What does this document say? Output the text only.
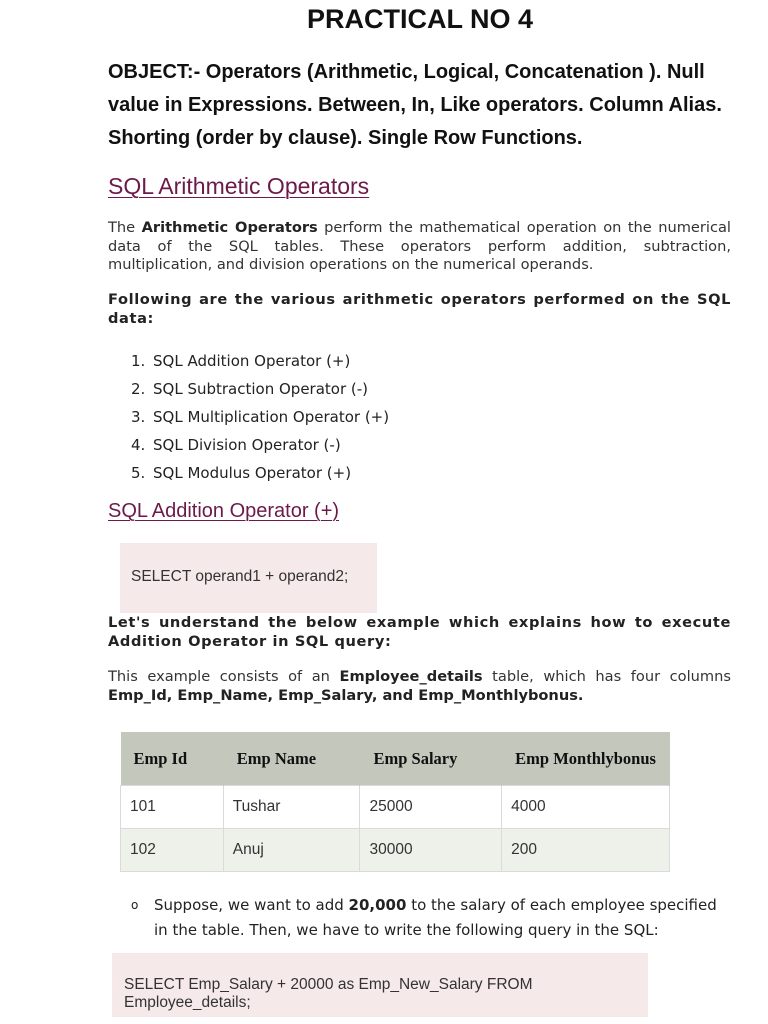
PRACTICAL NO 4
OBJECT:- Operators (Arithmetic, Logical, Concatenation ). Null value in Expressions. Between, In, Like operators. Column Alias. Shorting (order by clause). Single Row Functions.
SQL Arithmetic Operators
The Arithmetic Operators perform the mathematical operation on the numerical data of the SQL tables. These operators perform addition, subtraction, multiplication, and division operations on the numerical operands.
Following are the various arithmetic operators performed on the SQL data:
1. SQL Addition Operator (+)
2. SQL Subtraction Operator (-)
3. SQL Multiplication Operator (+)
4. SQL Division Operator (-)
5. SQL Modulus Operator (+)
SQL Addition Operator (+)
SELECT operand1 + operand2;
Let's understand the below example which explains how to execute Addition Operator in SQL query:
This example consists of an Employee_details table, which has four columns Emp_Id, Emp_Name, Emp_Salary, and Emp_Monthlybonus.
Emp Id	Emp Name	Emp Salary	Emp Monthlybonus
101	Tushar	25000	4000
102	Anuj	30000	200
o	Suppose, we want to add 20,000 to the salary of each employee specified in the table. Then, we have to write the following query in the SQL:
SELECT Emp_Salary + 20000 as Emp_New_Salary FROM Employee_details;
